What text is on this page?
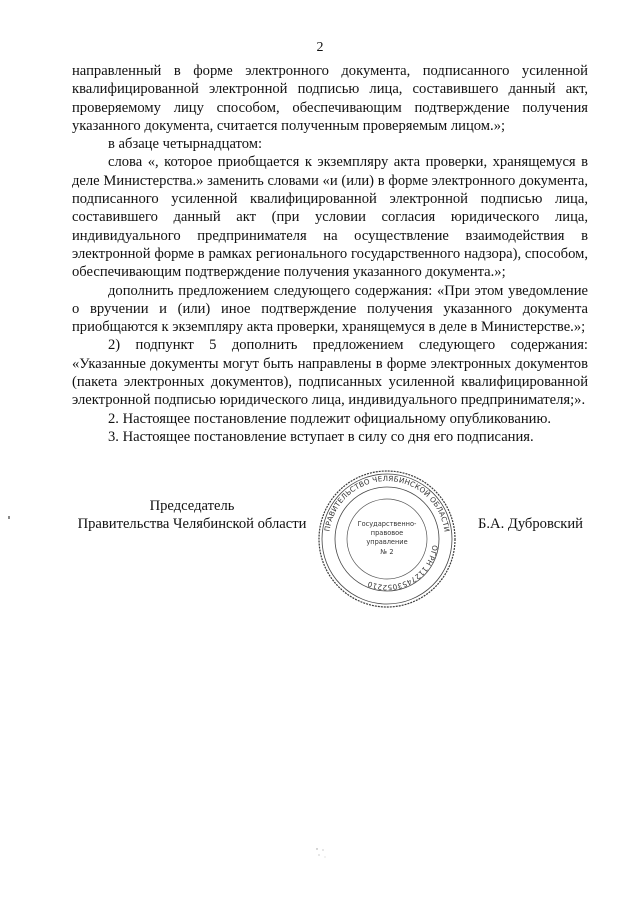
2

направленный в форме электронного документа, подписанного усиленной квалифицированной электронной подписью лица, составившего данный акт, проверяемому лицу способом, обеспечивающим подтверждение получения указанного документа, считается полученным проверяемым лицом.»;

в абзаце четырнадцатом:

слова «, которое приобщается к экземпляру акта проверки, хранящемуся в деле Министерства.» заменить словами «и (или) в форме электронного документа, подписанного усиленной квалифицированной электронной подписью лица, составившего данный акт (при условии согласия юридического лица, индивидуального предпринимателя на осуществление взаимодействия в электронной форме в рамках регионального государственного надзора), способом, обеспечивающим подтверждение получения указанного документа.»;

дополнить предложением следующего содержания: «При этом уведомление о вручении и (или) иное подтверждение получения указанного документа приобщаются к экземпляру акта проверки, хранящемуся в деле в Министерстве.»;

2) подпункт 5 дополнить предложением следующего содержания: «Указанные документы могут быть направлены в форме электронных документов (пакета электронных документов), подписанных усиленной квалифицированной электронной подписью юридического лица, индивидуального предпринимателя;».

2. Настоящее постановление подлежит официальному опубликованию.

3. Настоящее постановление вступает в силу со дня его подписания.

Председатель
Правительства Челябинской области	ПРАВИТЕЛЬСТВО ЧЕЛЯБИНСКОЙ ОБЛАСТИ
ОГРН 1127453052210
Государственно-
правовое
управление
№ 2
Б.А. Дубровский
